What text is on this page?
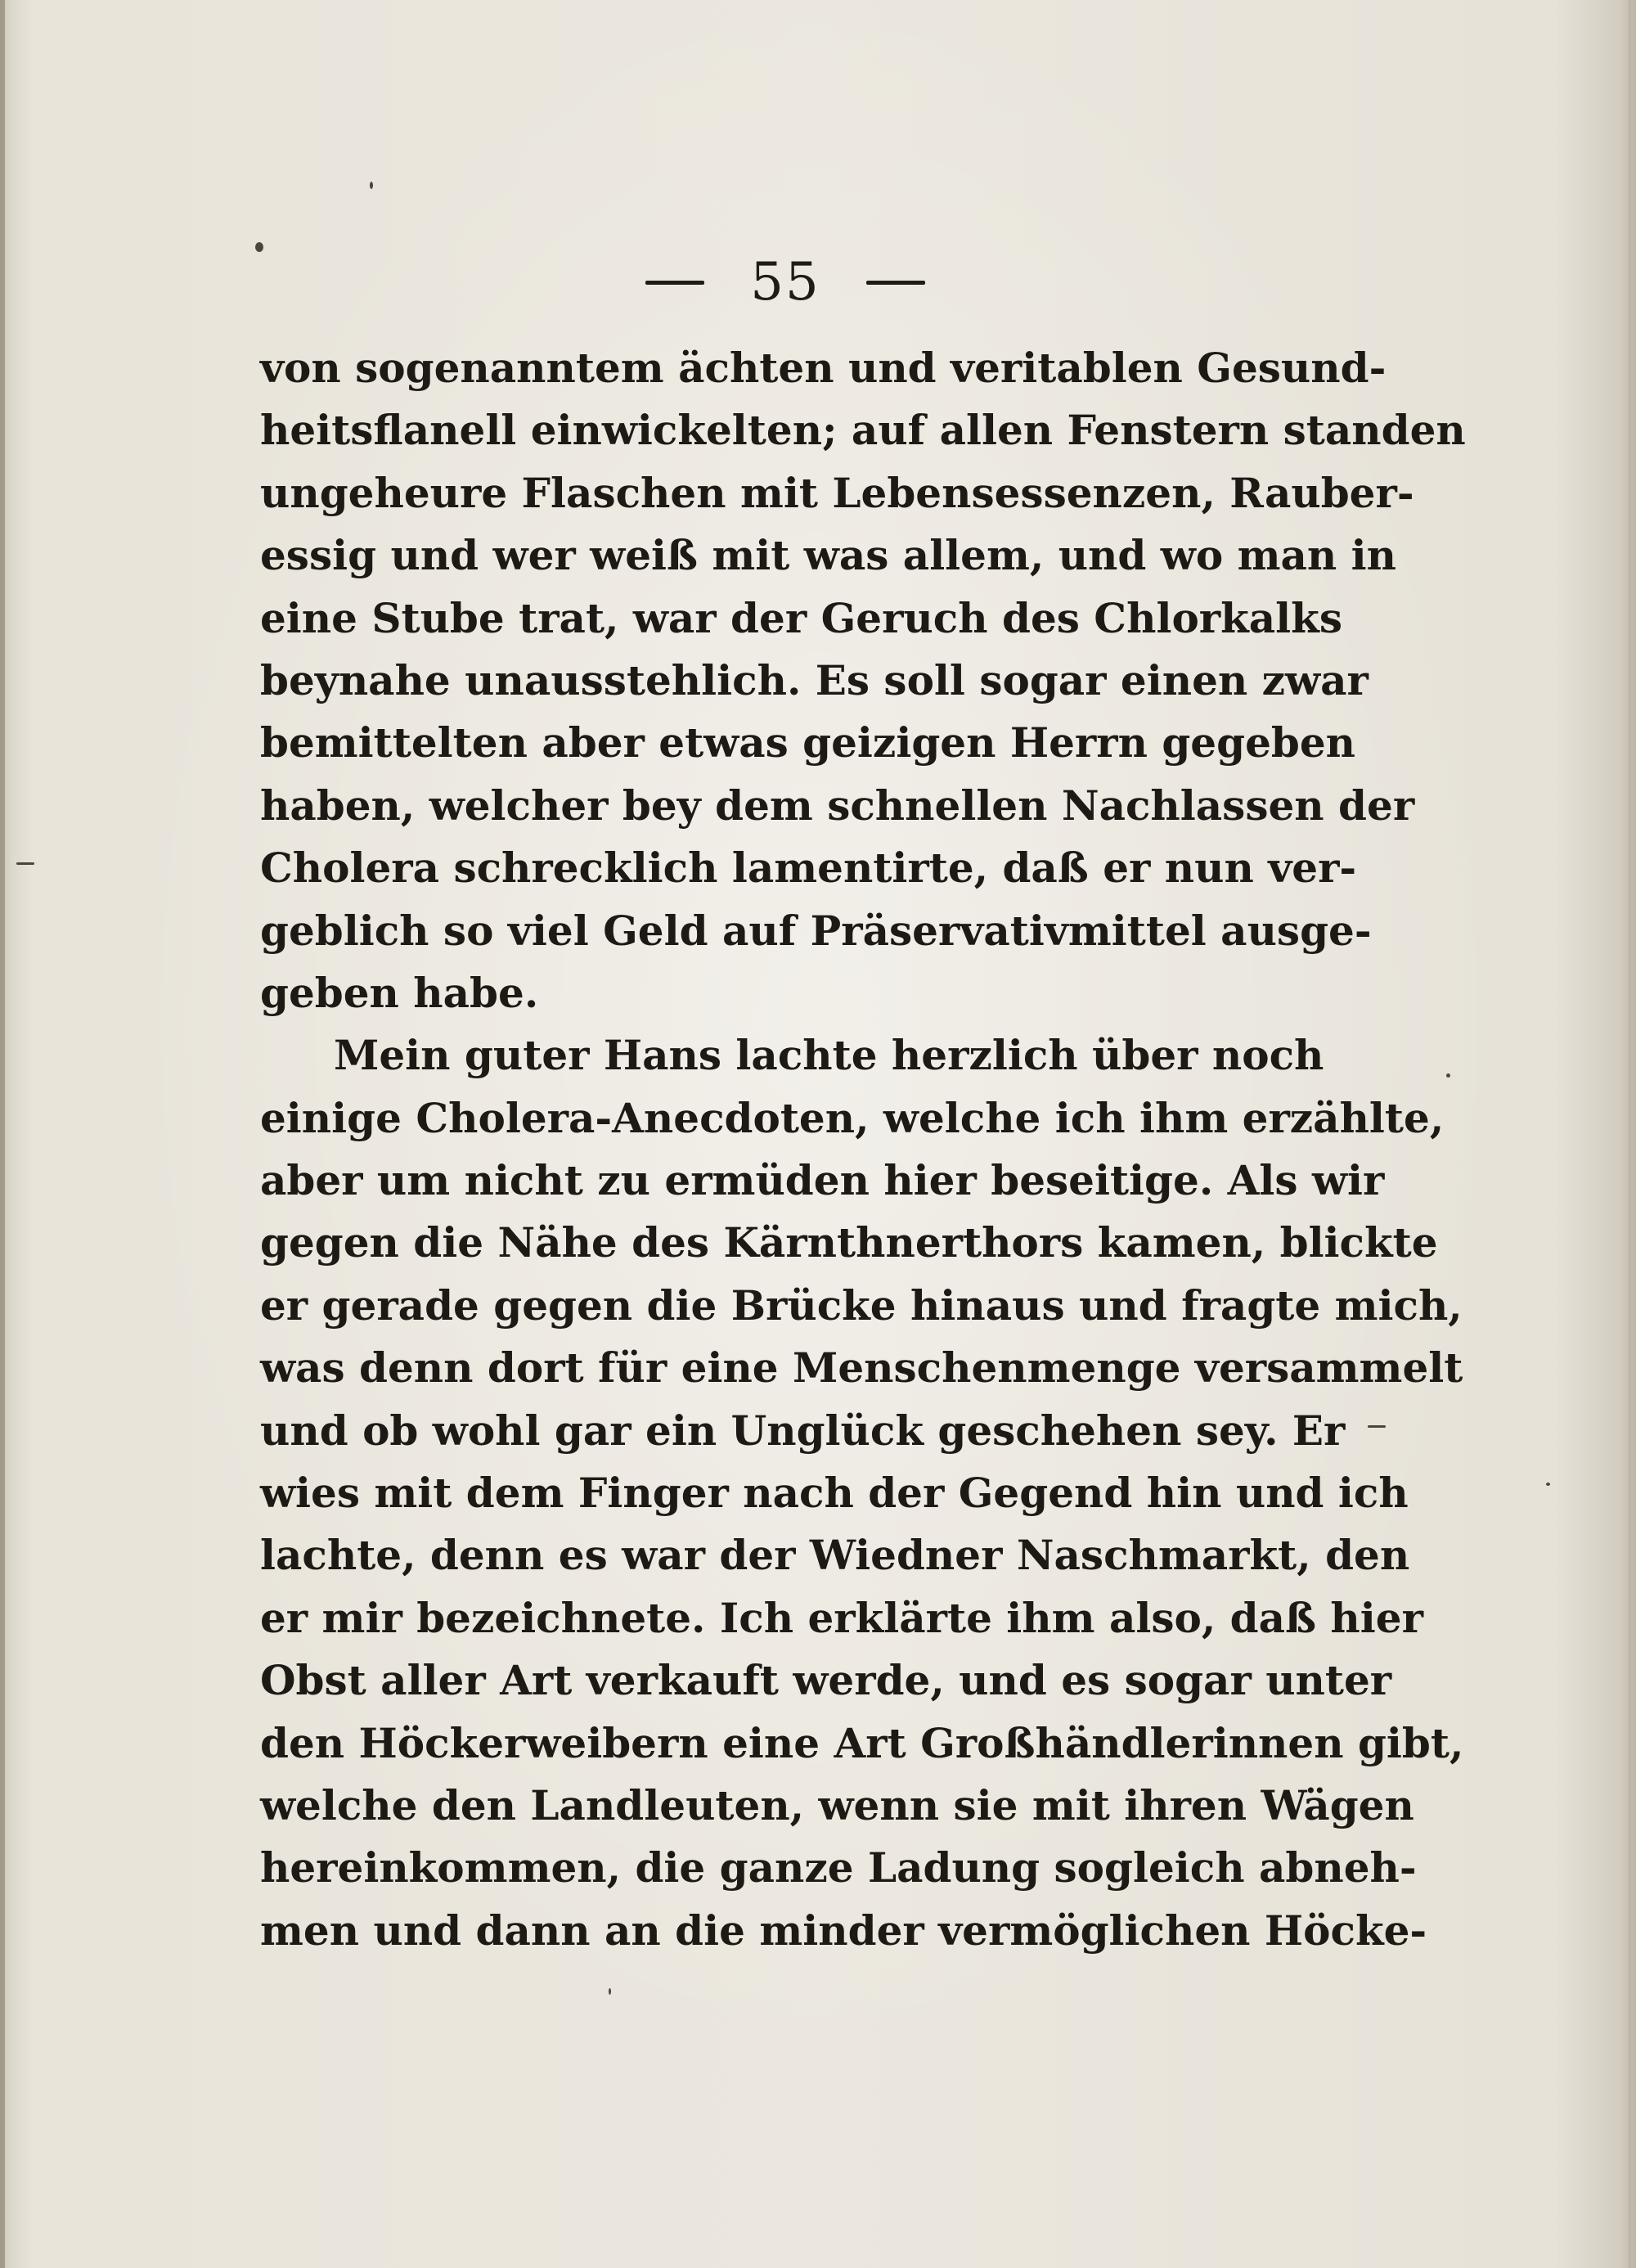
55
von sogenanntem ächten und veritablen Gesund-
heitsflanell einwickelten; auf allen Fenstern standen
ungeheure Flaschen mit Lebensessenzen, Rauber-
essig und wer weiß mit was allem, und wo man in
eine Stube trat, war der Geruch des Chlorkalks
beynahe unausstehlich. Es soll sogar einen zwar
bemittelten aber etwas geizigen Herrn gegeben
haben, welcher bey dem schnellen Nachlassen der
Cholera schrecklich lamentirte, daß er nun ver-
geblich so viel Geld auf Präservativmittel ausge-
geben habe.
Mein guter Hans lachte herzlich über noch
einige Cholera-Anecdoten, welche ich ihm erzählte,
aber um nicht zu ermüden hier beseitige. Als wir
gegen die Nähe des Kärnthnerthors kamen, blickte
er gerade gegen die Brücke hinaus und fragte mich,
was denn dort für eine Menschenmenge versammelt
und ob wohl gar ein Unglück geschehen sey. Er
wies mit dem Finger nach der Gegend hin und ich
lachte, denn es war der Wiedner Naschmarkt, den
er mir bezeichnete. Ich erklärte ihm also, daß hier
Obst aller Art verkauft werde, und es sogar unter
den Höckerweibern eine Art Großhändlerinnen gibt,
welche den Landleuten, wenn sie mit ihren Wägen
hereinkommen, die ganze Ladung sogleich abneh-
men und dann an die minder vermöglichen Höcke-
